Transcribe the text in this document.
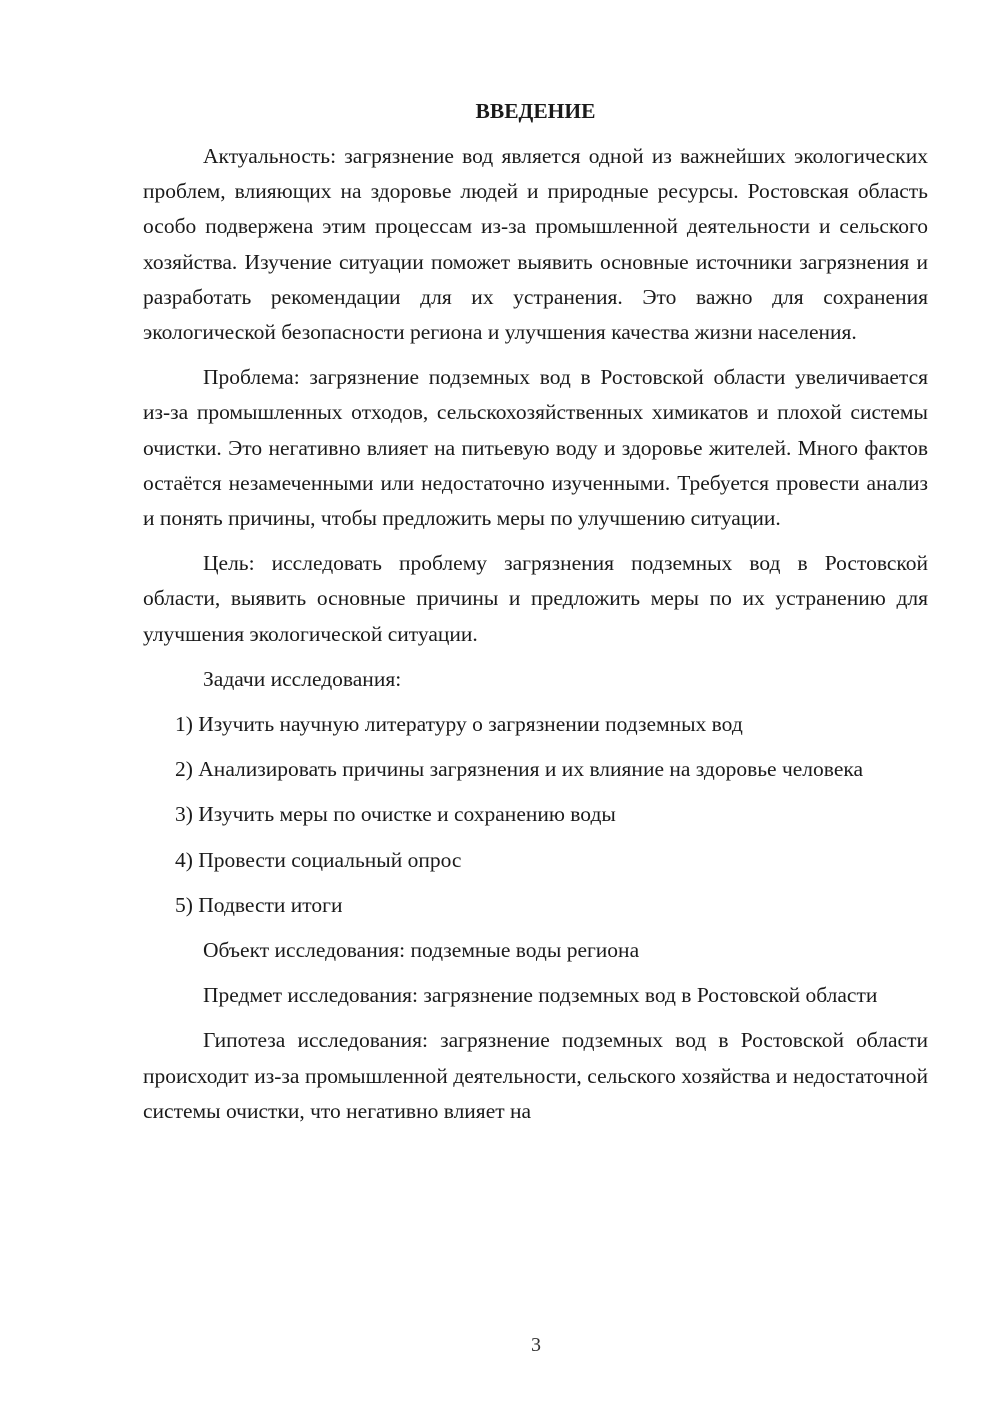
ВВЕДЕНИЕ

Актуальность: загрязнение вод является одной из важнейших экологических проблем, влияющих на здоровье людей и природные ресурсы. Ростовская область особо подвержена этим процессам из-за промышленной деятельности и сельского хозяйства. Изучение ситуации поможет выявить основные источники загрязнения и разработать рекомендации для их устранения. Это важно для сохранения экологической безопасности региона и улучшения качества жизни населения.

Проблема: загрязнение подземных вод в Ростовской области увеличивается из-за промышленных отходов, сельскохозяйственных химикатов и плохой системы очистки. Это негативно влияет на питьевую воду и здоровье жителей. Много фактов остаётся незамеченными или недостаточно изученными. Требуется провести анализ и понять причины, чтобы предложить меры по улучшению ситуации.

Цель: исследовать проблему загрязнения подземных вод в Ростовской области, выявить основные причины и предложить меры по их устранению для улучшения экологической ситуации.

Задачи исследования:

1) Изучить научную литературу о загрязнении подземных вод

2) Анализировать причины загрязнения и их влияние на здоровье человека

3) Изучить меры по очистке и сохранению воды

4) Провести социальный опрос

5) Подвести итоги

Объект исследования: подземные воды региона

Предмет исследования: загрязнение подземных вод в Ростовской области

Гипотеза исследования: загрязнение подземных вод в Ростовской области происходит из-за промышленной деятельности, сельского хозяйства и недостаточной системы очистки, что негативно влияет на

3
